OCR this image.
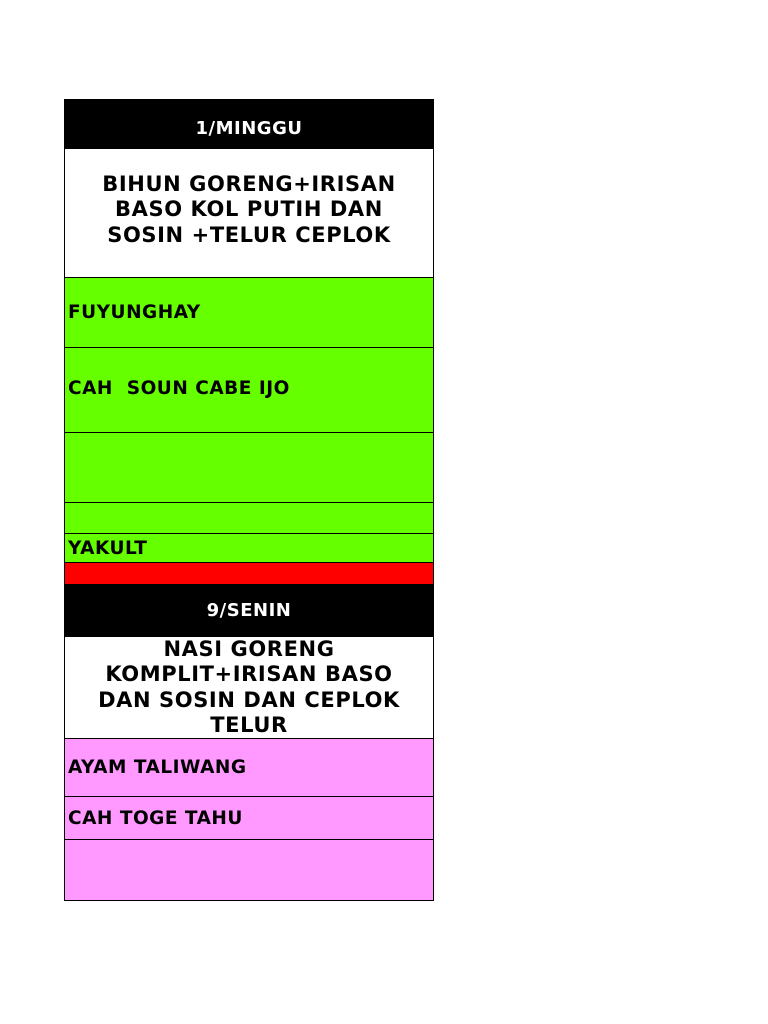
1/MINGGU
BIHUN GORENG+IRISAN
BASO KOL PUTIH DAN
SOSIN +TELUR CEPLOK
FUYUNGHAY
CAH  SOUN CABE IJO
YAKULT
9/SENIN
NASI GORENG
KOMPLIT+IRISAN BASO
DAN SOSIN DAN CEPLOK
TELUR
AYAM TALIWANG
CAH TOGE TAHU
